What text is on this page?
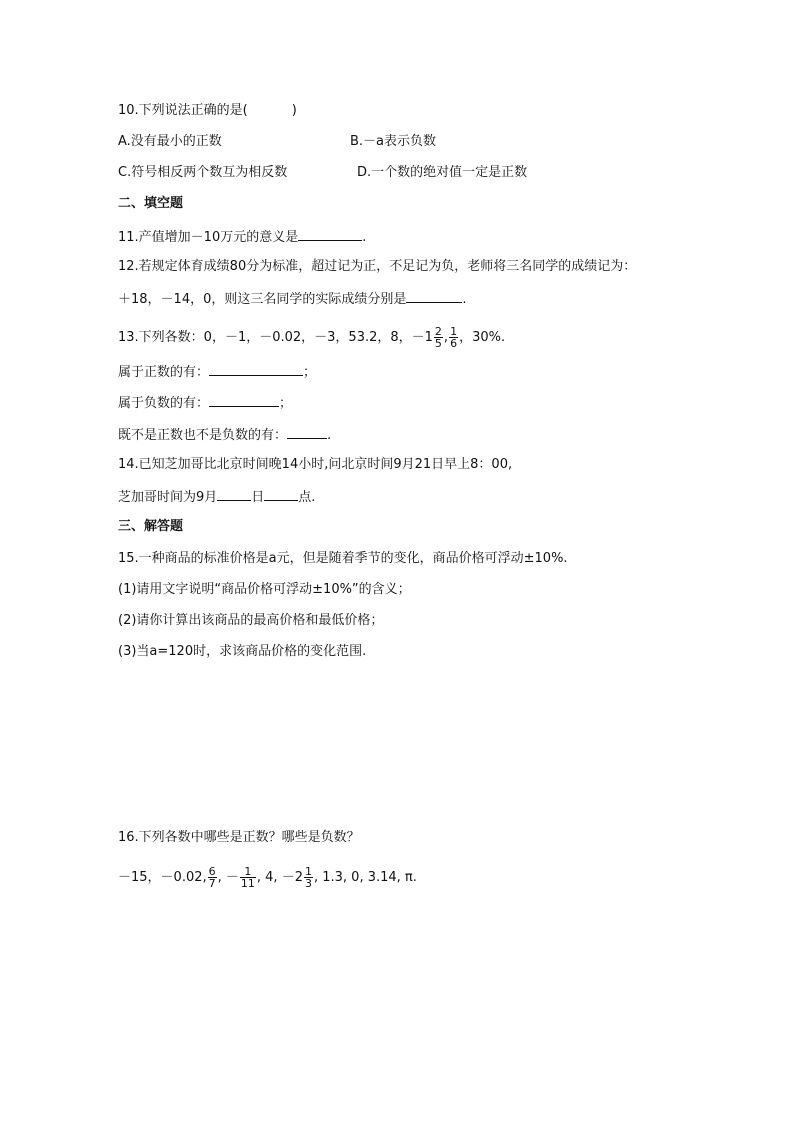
10.下列说法正确的是(	)
A.没有最小的正数	B.－a表示负数
C.符号相反两个数互为相反数	D.一个数的绝对值一定是正数
二、填空题
11.产值增加－10万元的意义是	.
12.若规定体育成绩80分为标准，超过记为正，不足记为负，老师将三名同学的成绩记为：
＋18，－14，0，则这三名同学的实际成绩分别是	.
13.下列各数：0，－1，－0.02，－3，53.2，8，$-1 \frac{2}{5}$ , $\frac{1}{6}$ ，30%.
属于正数的有：	；
属于负数的有：	；
既不是正数也不是负数的有：	.
14.已知芝加哥比北京时间晚14小时,问北京时间9月21日早上8：00,
芝加哥时间为9月	日	点.
三、解答题
15.一种商品的标准价格是a元，但是随着季节的变化，商品价格可浮动±10%.
(1)请用文字说明“商品价格可浮动±10%”的含义；
(2)请你计算出该商品的最高价格和最低价格；
(3)当a=120时，求该商品价格的变化范围.
16.下列各数中哪些是正数？哪些是负数？
－15，－0.02, $\frac{6}{7}$ , － $\frac{1}{11}$ , 4, $-2 \frac{1}{3}$ , 1.3, 0, 3.14, π.
